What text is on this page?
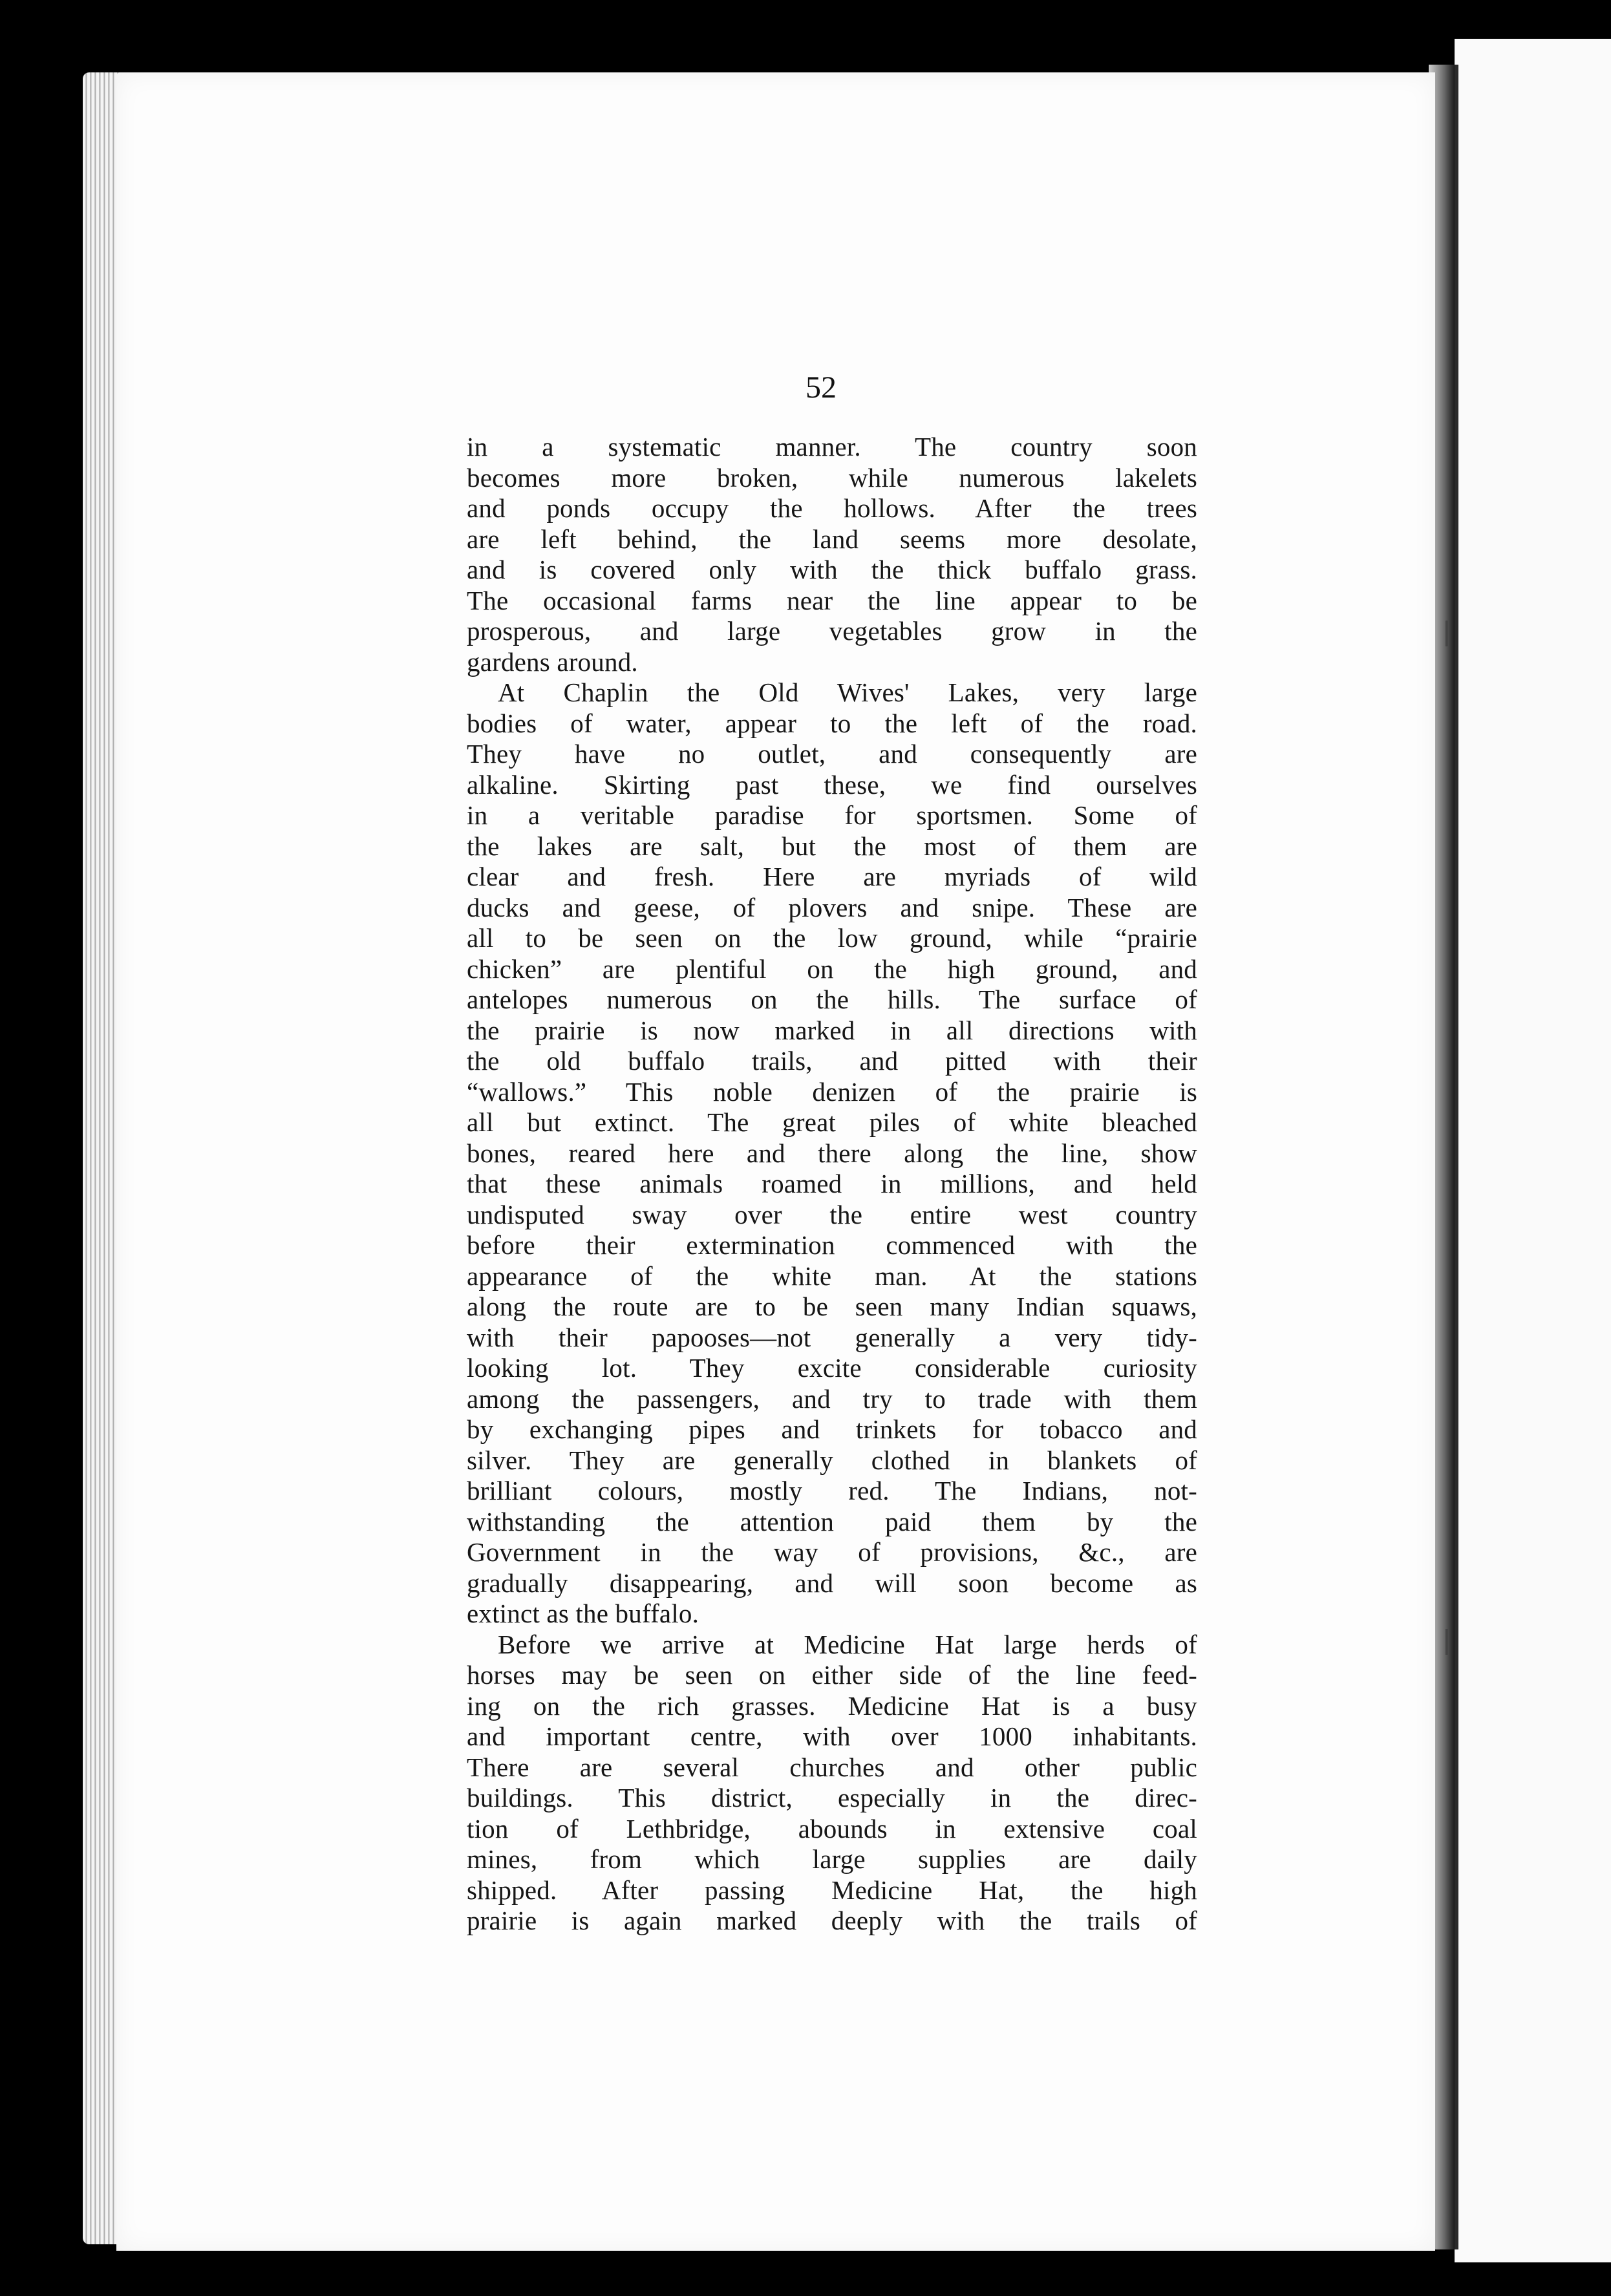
52

in a systematic manner. The country soon
becomes more broken, while numerous lakelets
and ponds occupy the hollows. After the trees
are left behind, the land seems more desolate,
and is covered only with the thick buffalo grass.
The occasional farms near the line appear to be
prosperous, and large vegetables grow in the
gardens around.
At Chaplin the Old Wives' Lakes, very large
bodies of water, appear to the left of the road.
They have no outlet, and consequently are
alkaline. Skirting past these, we find ourselves
in a veritable paradise for sportsmen. Some of
the lakes are salt, but the most of them are
clear and fresh. Here are myriads of wild
ducks and geese, of plovers and snipe. These are
all to be seen on the low ground, while “prairie
chicken” are plentiful on the high ground, and
antelopes numerous on the hills. The surface of
the prairie is now marked in all directions with
the old buffalo trails, and pitted with their
“wallows.” This noble denizen of the prairie is
all but extinct. The great piles of white bleached
bones, reared here and there along the line, show
that these animals roamed in millions, and held
undisputed sway over the entire west country
before their extermination commenced with the
appearance of the white man. At the stations
along the route are to be seen many Indian squaws,
with their papooses—not generally a very tidy-
looking lot. They excite considerable curiosity
among the passengers, and try to trade with them
by exchanging pipes and trinkets for tobacco and
silver. They are generally clothed in blankets of
brilliant colours, mostly red. The Indians, not-
withstanding the attention paid them by the
Government in the way of provisions, &c., are
gradually disappearing, and will soon become as
extinct as the buffalo.
Before we arrive at Medicine Hat large herds of
horses may be seen on either side of the line feed-
ing on the rich grasses. Medicine Hat is a busy
and important centre, with over 1000 inhabitants.
There are several churches and other public
buildings. This district, especially in the direc-
tion of Lethbridge, abounds in extensive coal
mines, from which large supplies are daily
shipped. After passing Medicine Hat, the high
prairie is again marked deeply with the trails of
